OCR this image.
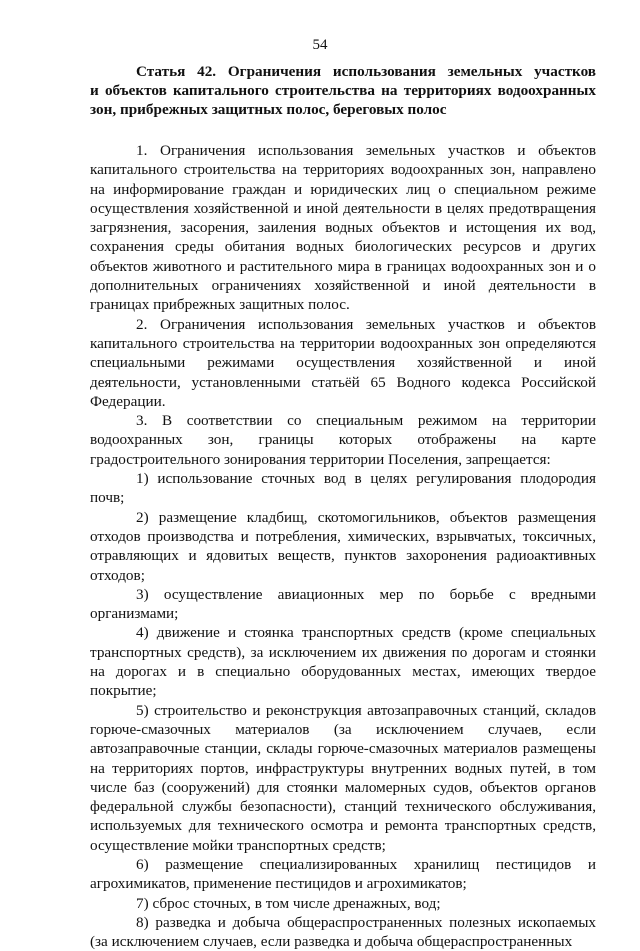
54
Статья 42. Ограничения использования земельных участков
и объектов капитального строительства на территориях водоохранных
зон, прибрежных защитных полос, береговых полос

1. Ограничения использования земельных участков и объектов капитального строительства на территориях водоохранных зон, направлено на информирование граждан и юридических лиц о специальном режиме осуществления хозяйственной и иной деятельности в целях предотвращения загрязнения, засорения, заиления водных объектов и истощения их вод, сохранения среды обитания водных биологических ресурсов и других объектов животного и растительного мира в границах водоохранных зон и о дополнительных ограничениях хозяйственной и иной деятельности в границах прибрежных защитных полос.

2. Ограничения использования земельных участков и объектов капитального строительства на территории водоохранных зон определяются специальными режимами осуществления хозяйственной и иной деятельности, установленными статьёй 65 Водного кодекса Российской Федерации.

3. В соответствии со специальным режимом на территории водоохранных зон, границы которых отображены на карте градостроительного зонирования территории Поселения, запрещается:

1) использование сточных вод в целях регулирования плодородия почв;

2) размещение кладбищ, скотомогильников, объектов размещения отходов производства и потребления, химических, взрывчатых, токсичных, отравляющих и ядовитых веществ, пунктов захоронения радиоактивных отходов;

3) осуществление авиационных мер по борьбе с вредными организмами;

4) движение и стоянка транспортных средств (кроме специальных транспортных средств), за исключением их движения по дорогам и стоянки на дорогах и в специально оборудованных местах, имеющих твердое покрытие;

5) строительство и реконструкция автозаправочных станций, складов горюче-смазочных материалов (за исключением случаев, если автозаправочные станции, склады горюче-смазочных материалов размещены на территориях портов, инфраструктуры внутренних водных путей, в том числе баз (сооружений) для стоянки маломерных судов, объектов органов федеральной службы безопасности), станций технического обслуживания, используемых для технического осмотра и ремонта транспортных средств, осуществление мойки транспортных средств;

6) размещение специализированных хранилищ пестицидов и агрохимикатов, применение пестицидов и агрохимикатов;

7) сброс сточных, в том числе дренажных, вод;

8) разведка и добыча общераспространенных полезных ископаемых (за исключением случаев, если разведка и добыча общераспространенных
